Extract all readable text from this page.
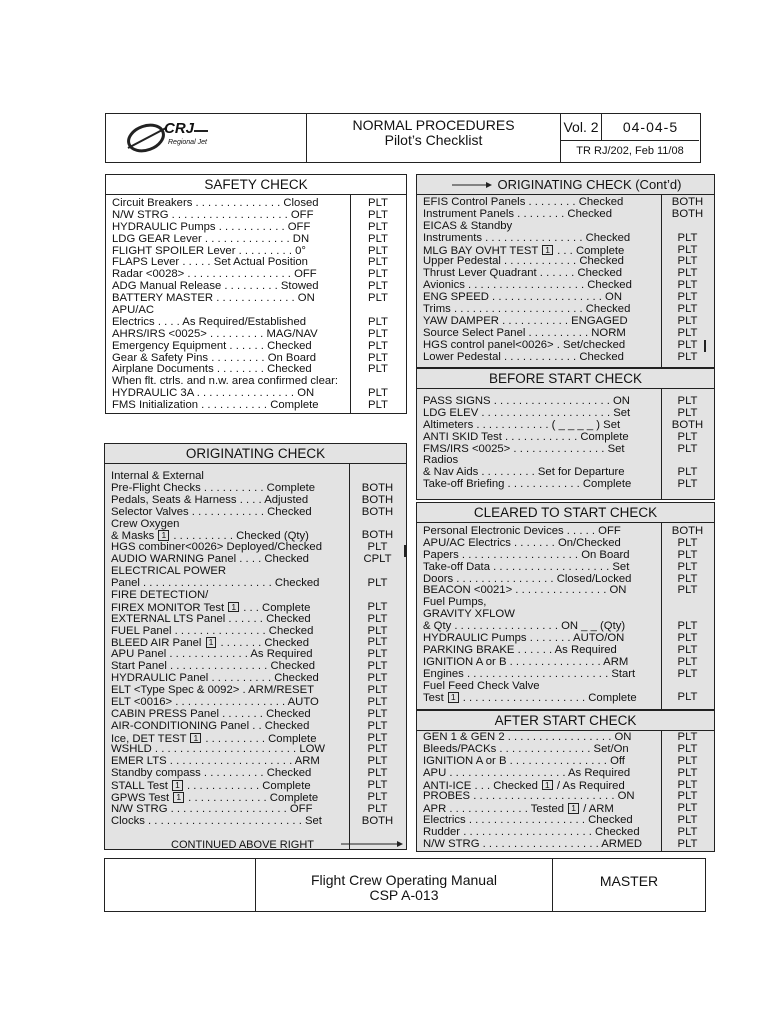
CRJ
Regional Jet
NORMAL PROCEDURES
Pilot’s Checklist
Vol. 2	04-04-5
TR RJ/202, Feb 11/08
SAFETY CHECK
Circuit Breakers . . . . . . . . . . . . . . Closed	PLT
N/W STRG . . . . . . . . . . . . . . . . . . . OFF	PLT
HYDRAULIC Pumps . . . . . . . . . . . OFF	PLT
LDG GEAR Lever . . . . . . . . . . . . . . DN	PLT
FLIGHT SPOILER Lever . . . . . . . . . 0°	PLT
FLAPS Lever . . . . . Set Actual Position	PLT
Radar <0028> . . . . . . . . . . . . . . . . . OFF	PLT
ADG Manual Release . . . . . . . . . Stowed	PLT
BATTERY MASTER . . . . . . . . . . . . . ON	PLT
APU/AC
Electrics . . . . As Required/Established	PLT
AHRS/IRS <0025> . . . . . . . . . MAG/NAV	PLT
Emergency Equipment . . . . . . Checked	PLT
Gear & Safety Pins . . . . . . . . . On Board	PLT
Airplane Documents . . . . . . . . Checked	PLT
When flt. ctrls. and n.w. area confirmed clear:
HYDRAULIC 3A . . . . . . . . . . . . . . . . ON	PLT
FMS Initialization . . . . . . . . . . . Complete	PLT
ORIGINATING CHECK
Internal & External
Pre-Flight Checks . . . . . . . . . . Complete	BOTH
Pedals, Seats & Harness . . . . Adjusted	BOTH
Selector Valves . . . . . . . . . . . . Checked	BOTH
Crew Oxygen
& Masks 1 . . . . . . . . . . Checked (Qty)	BOTH
HGS combiner<0026> Deployed/Checked	PLT
AUDIO WARNING Panel . . . . Checked	CPLT
ELECTRICAL POWER
Panel . . . . . . . . . . . . . . . . . . . . . Checked	PLT
FIRE DETECTION/
FIREX MONITOR Test 1 . . . Complete	PLT
EXTERNAL LTS Panel . . . . . . Checked	PLT
FUEL Panel . . . . . . . . . . . . . . . Checked	PLT
BLEED AIR Panel 1 . . . . . . . Checked	PLT
APU Panel . . . . . . . . . . . . . As Required	PLT
Start Panel . . . . . . . . . . . . . . . . Checked	PLT
HYDRAULIC Panel . . . . . . . . . . Checked	PLT
ELT <Type Spec & 0092> . ARM/RESET	PLT
ELT <0016> . . . . . . . . . . . . . . . . . . AUTO	PLT
CABIN PRESS Panel . . . . . . . Checked	PLT
AIR-CONDITIONING Panel . . Checked	PLT
Ice, DET TEST 1 . . . . . . . . . . Complete	PLT
WSHLD . . . . . . . . . . . . . . . . . . . . . . . LOW	PLT
EMER LTS . . . . . . . . . . . . . . . . . . . . ARM	PLT
Standby compass . . . . . . . . . . Checked	PLT
STALL Test 1 . . . . . . . . . . . . Complete	PLT
GPWS Test 1 . . . . . . . . . . . . . Complete	PLT
N/W STRG . . . . . . . . . . . . . . . . . . . OFF	PLT
Clocks . . . . . . . . . . . . . . . . . . . . . . . . . Set	BOTH
CONTINUED ABOVE RIGHT
ORIGINATING CHECK (Cont’d)
EFIS Control Panels . . . . . . . . Checked	BOTH
Instrument Panels . . . . . . . . Checked	BOTH
EICAS & Standby
Instruments . . . . . . . . . . . . . . . . Checked	PLT
MLG BAY OVHT TEST 1 . . . Complete	PLT
Upper Pedestal . . . . . . . . . . . . Checked	PLT
Thrust Lever Quadrant . . . . . . Checked	PLT
Avionics . . . . . . . . . . . . . . . . . . . Checked	PLT
ENG SPEED . . . . . . . . . . . . . . . . . . ON	PLT
Trims . . . . . . . . . . . . . . . . . . . . . Checked	PLT
YAW DAMPER . . . . . . . . . . . ENGAGED	PLT
Source Select Panel . . . . . . . . . . NORM	PLT
HGS control panel<0026> . Set/checked	PLT
Lower Pedestal . . . . . . . . . . . . Checked	PLT
BEFORE START CHECK
PASS SIGNS . . . . . . . . . . . . . . . . . . . ON	PLT
LDG ELEV . . . . . . . . . . . . . . . . . . . . . Set	PLT
Altimeters . . . . . . . . . . . . ( _ _ _ _ ) Set	BOTH
ANTI SKID Test . . . . . . . . . . . . Complete	PLT
FMS/IRS <0025> . . . . . . . . . . . . . . . Set	PLT
Radios
& Nav Aids . . . . . . . . . Set for Departure	PLT
Take-off Briefing . . . . . . . . . . . . Complete	PLT
CLEARED TO START CHECK
Personal Electronic Devices . . . . . OFF	BOTH
APU/AC Electrics . . . . . . . On/Checked	PLT
Papers . . . . . . . . . . . . . . . . . . . On Board	PLT
Take-off Data . . . . . . . . . . . . . . . . . . . Set	PLT
Doors . . . . . . . . . . . . . . . . Closed/Locked	PLT
BEACON <0021> . . . . . . . . . . . . . . . ON	PLT
Fuel Pumps,
GRAVITY XFLOW
& Qty . . . . . . . . . . . . . . . . . ON _ _ (Qty)	PLT
HYDRAULIC Pumps . . . . . . . AUTO/ON	PLT
PARKING BRAKE . . . . . . As Required	PLT
IGNITION A or B . . . . . . . . . . . . . . . ARM	PLT
Engines . . . . . . . . . . . . . . . . . . . . . . . Start	PLT
Fuel Feed Check Valve
Test 1 . . . . . . . . . . . . . . . . . . . . Complete	PLT
AFTER START CHECK
GEN 1 & GEN 2 . . . . . . . . . . . . . . . . . ON	PLT
Bleeds/PACKs . . . . . . . . . . . . . . . Set/On	PLT
IGNITION A or B . . . . . . . . . . . . . . . . Off	PLT
APU . . . . . . . . . . . . . . . . . . . As Required	PLT
ANTI-ICE . . . Checked 1 / As Required	PLT
PROBES . . . . . . . . . . . . . . . . . . . . . . . ON	PLT
APR . . . . . . . . . . . . . Tested 1 / ARM	PLT
Electrics . . . . . . . . . . . . . . . . . . . Checked	PLT
Rudder . . . . . . . . . . . . . . . . . . . . . Checked	PLT
N/W STRG . . . . . . . . . . . . . . . . . . . ARMED	PLT
Flight Crew Operating Manual
CSP A-013
MASTER
